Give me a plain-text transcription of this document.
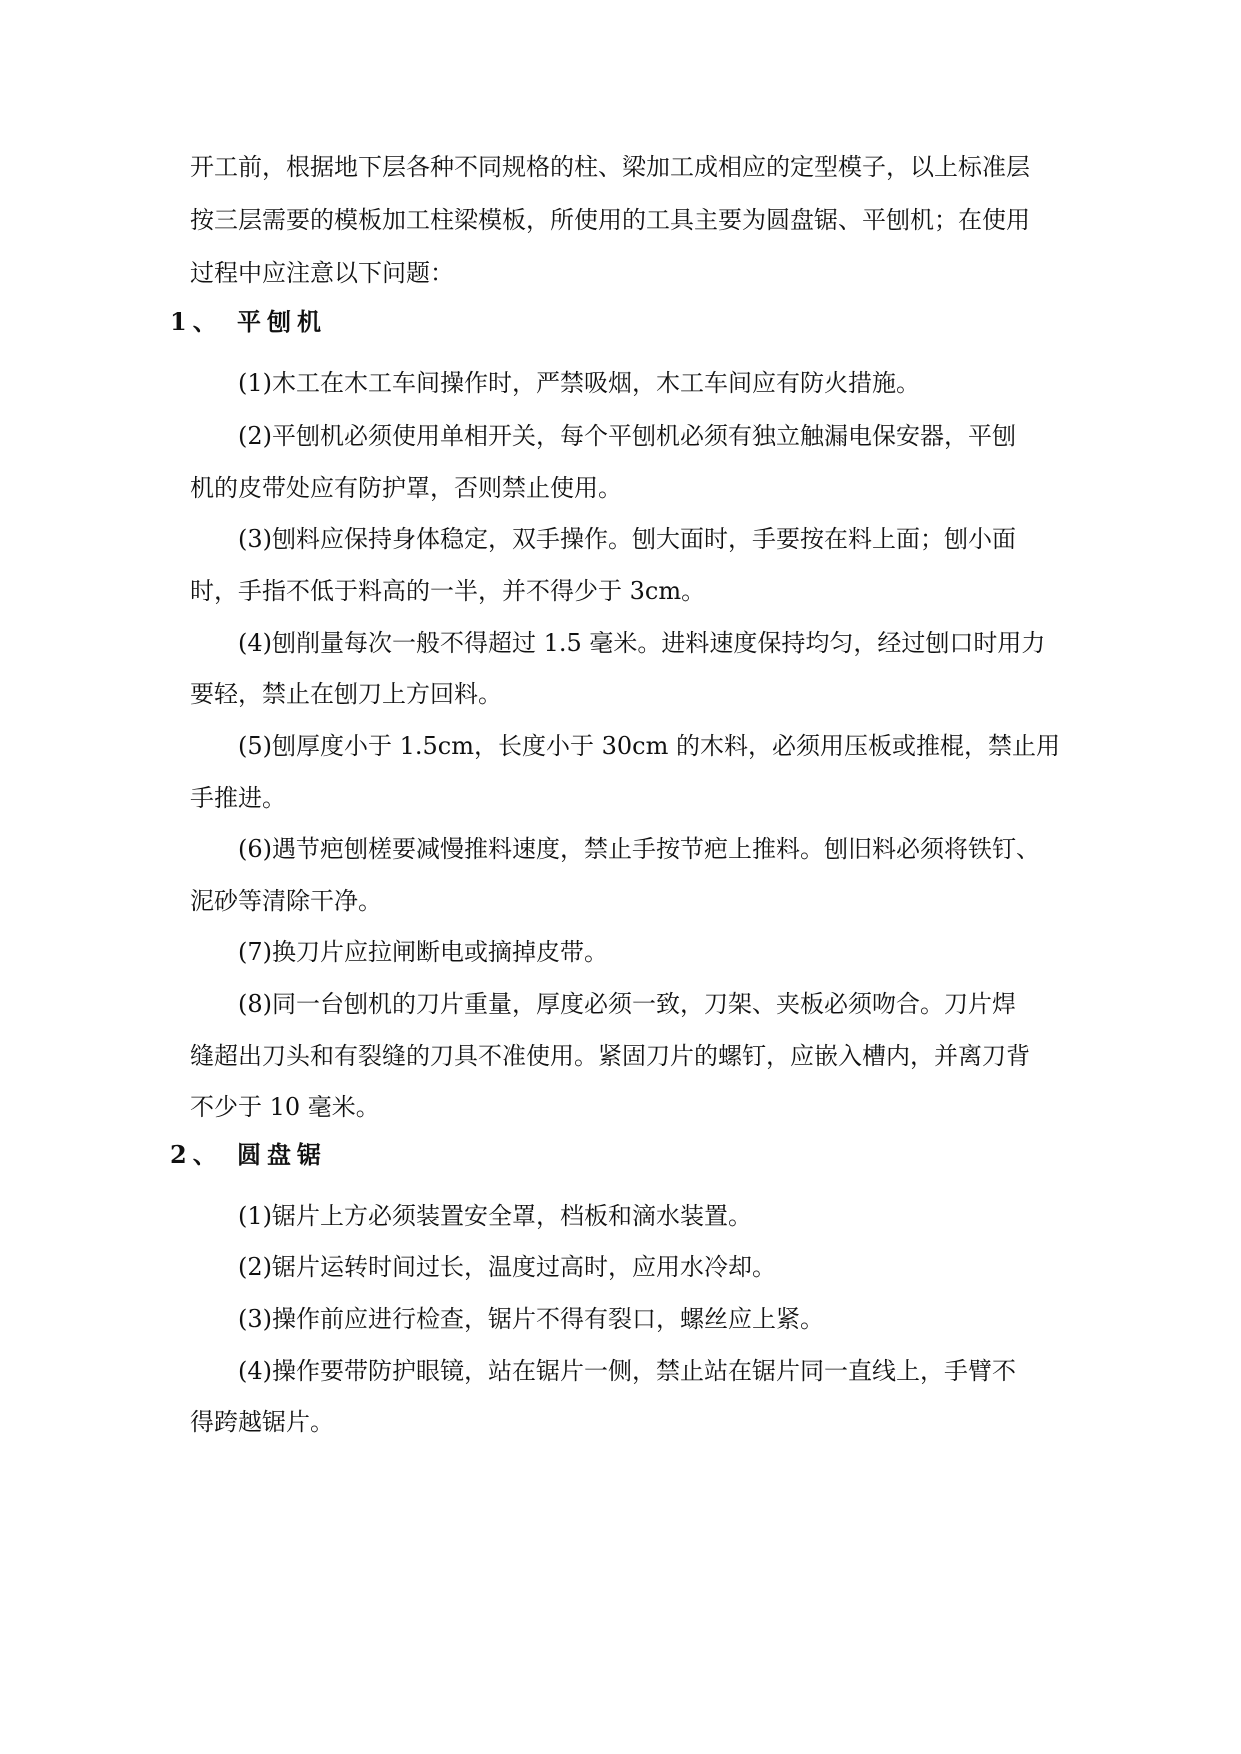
开工前，根据地下层各种不同规格的柱、梁加工成相应的定型模子，以上标准层
按三层需要的模板加工柱梁模板，所使用的工具主要为圆盘锯、平刨机；在使用
过程中应注意以下问题：
1、 平刨机
(1)木工在木工车间操作时，严禁吸烟，木工车间应有防火措施。
(2)平刨机必须使用单相开关，每个平刨机必须有独立触漏电保安器，平刨
机的皮带处应有防护罩，否则禁止使用。
(3)刨料应保持身体稳定，双手操作。刨大面时，手要按在料上面；刨小面
时，手指不低于料高的一半，并不得少于 3cm。
(4)刨削量每次一般不得超过 1.5 毫米。进料速度保持均匀，经过刨口时用力
要轻，禁止在刨刀上方回料。
(5)刨厚度小于 1.5cm，长度小于 30cm 的木料，必须用压板或推棍，禁止用
手推进。
(6)遇节疤刨槎要减慢推料速度，禁止手按节疤上推料。刨旧料必须将铁钉、
泥砂等清除干净。
(7)换刀片应拉闸断电或摘掉皮带。
(8)同一台刨机的刀片重量，厚度必须一致，刀架、夹板必须吻合。刀片焊
缝超出刀头和有裂缝的刀具不准使用。紧固刀片的螺钉，应嵌入槽内，并离刀背
不少于 10 毫米。
2、 圆盘锯
(1)锯片上方必须装置安全罩，档板和滴水装置。
(2)锯片运转时间过长，温度过高时，应用水冷却。
(3)操作前应进行检查，锯片不得有裂口，螺丝应上紧。
(4)操作要带防护眼镜，站在锯片一侧，禁止站在锯片同一直线上，手臂不
得跨越锯片。
